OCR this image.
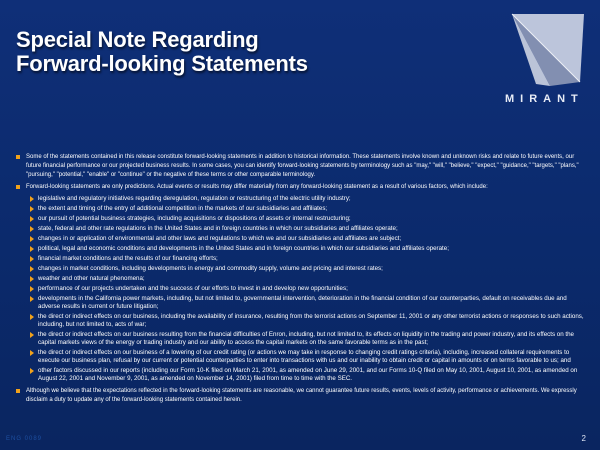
Special Note Regarding
Forward-looking Statements
MIRANT
Some of the statements contained in this release constitute forward-looking statements in addition to historical information. These statements involve known and unknown risks and relate to future events, our future financial performance or our projected business results. In some cases, you can identify forward-looking statements by terminology such as "may," "will," "believe," "expect," "guidance," "targets," "plans," "pursuing," "potential," "enable" or "continue" or the negative of these terms or other comparable terminology.
Forward-looking statements are only predictions. Actual events or results may differ materially from any forward-looking statement as a result of various factors, which include:
legislative and regulatory initiatives regarding deregulation, regulation or restructuring of the electric utility industry;
the extent and timing of the entry of additional competition in the markets of our subsidiaries and affiliates;
our pursuit of potential business strategies, including acquisitions or dispositions of assets or internal restructuring;
state, federal and other rate regulations in the United States and in foreign countries in which our subsidiaries and affiliates operate;
changes in or application of environmental and other laws and regulations to which we and our subsidiaries and affiliates are subject;
political, legal and economic conditions and developments in the United States and in foreign countries in which our subsidiaries and affiliates operate;
financial market conditions and the results of our financing efforts;
changes in market conditions, including developments in energy and commodity supply, volume and pricing and interest rates;
weather and other natural phenomena;
performance of our projects undertaken and the success of our efforts to invest in and develop new opportunities;
developments in the California power markets, including, but not limited to, governmental intervention, deterioration in the financial condition of our counterparties, default on receivables due and adverse results in current or future litigation;
the direct or indirect effects on our business, including the availability of insurance, resulting from the terrorist actions on September 11, 2001 or any other terrorist actions or responses to such actions, including, but not limited to, acts of war;
the direct or indirect effects on our business resulting from the financial difficulties of Enron, including, but not limited to, its effects on liquidity in the trading and power industry, and its effects on the capital markets views of the energy or trading industry and our ability to access the capital markets on the same favorable terms as in the past;
the direct or indirect effects on our business of a lowering of our credit rating (or actions we may take in response to changing credit ratings criteria), including, increased collateral requirements to execute our business plan, refusal by our current or potential counterparties to enter into transactions with us and our inability to obtain credit or capital in amounts or on terms favorable to us; and
other factors discussed in our reports (including our Form 10-K filed on March 21, 2001, as amended on June 29, 2001, and our Forms 10-Q filed on May 10, 2001, August 10, 2001, as amended on August 22, 2001 and November 9, 2001, as amended on November 14, 2001) filed from time to time with the SEC.
Although we believe that the expectations reflected in the forward-looking statements are reasonable, we cannot guarantee future results, events, levels of activity, performance or achievements. We expressly disclaim a duty to update any of the forward-looking statements contained herein.
ENG 0089	2
